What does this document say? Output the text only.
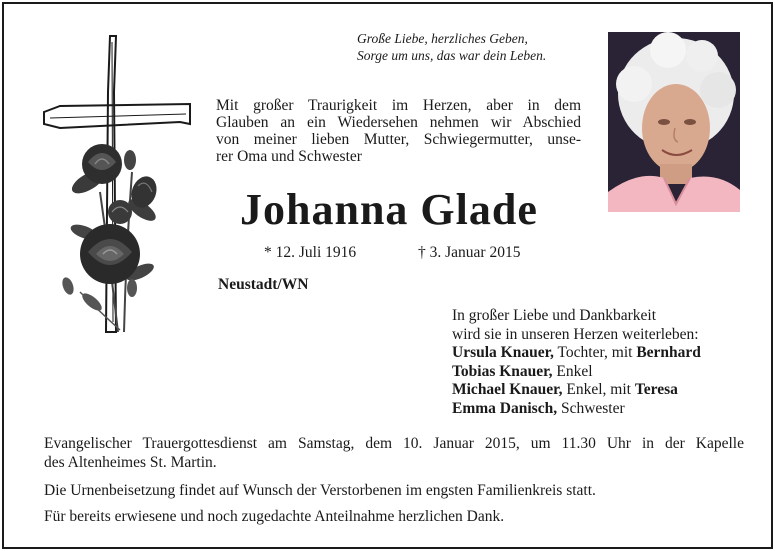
Große Liebe, herzliches Geben,
Sorge um uns, das war dein Leben.
Mit großer Traurigkeit im Herzen, aber in dem
Glauben an ein Wiedersehen nehmen wir Abschied
von meiner lieben Mutter, Schwiegermutter, unse-
rer Oma und Schwester
Johanna Glade
* 12. Juli 1916	† 3. Januar 2015
Neustadt/WN
In großer Liebe und Dankbarkeit
wird sie in unseren Herzen weiterleben:
Ursula Knauer, Tochter, mit Bernhard
Tobias Knauer, Enkel
Michael Knauer, Enkel, mit Teresa
Emma Danisch, Schwester
Evangelischer Trauergottesdienst am Samstag, dem 10. Januar 2015, um 11.30 Uhr in der Kapelle
des Altenheimes St. Martin.
Die Urnenbeisetzung findet auf Wunsch der Verstorbenen im engsten Familienkreis statt.
Für bereits erwiesene und noch zugedachte Anteilnahme herzlichen Dank.
